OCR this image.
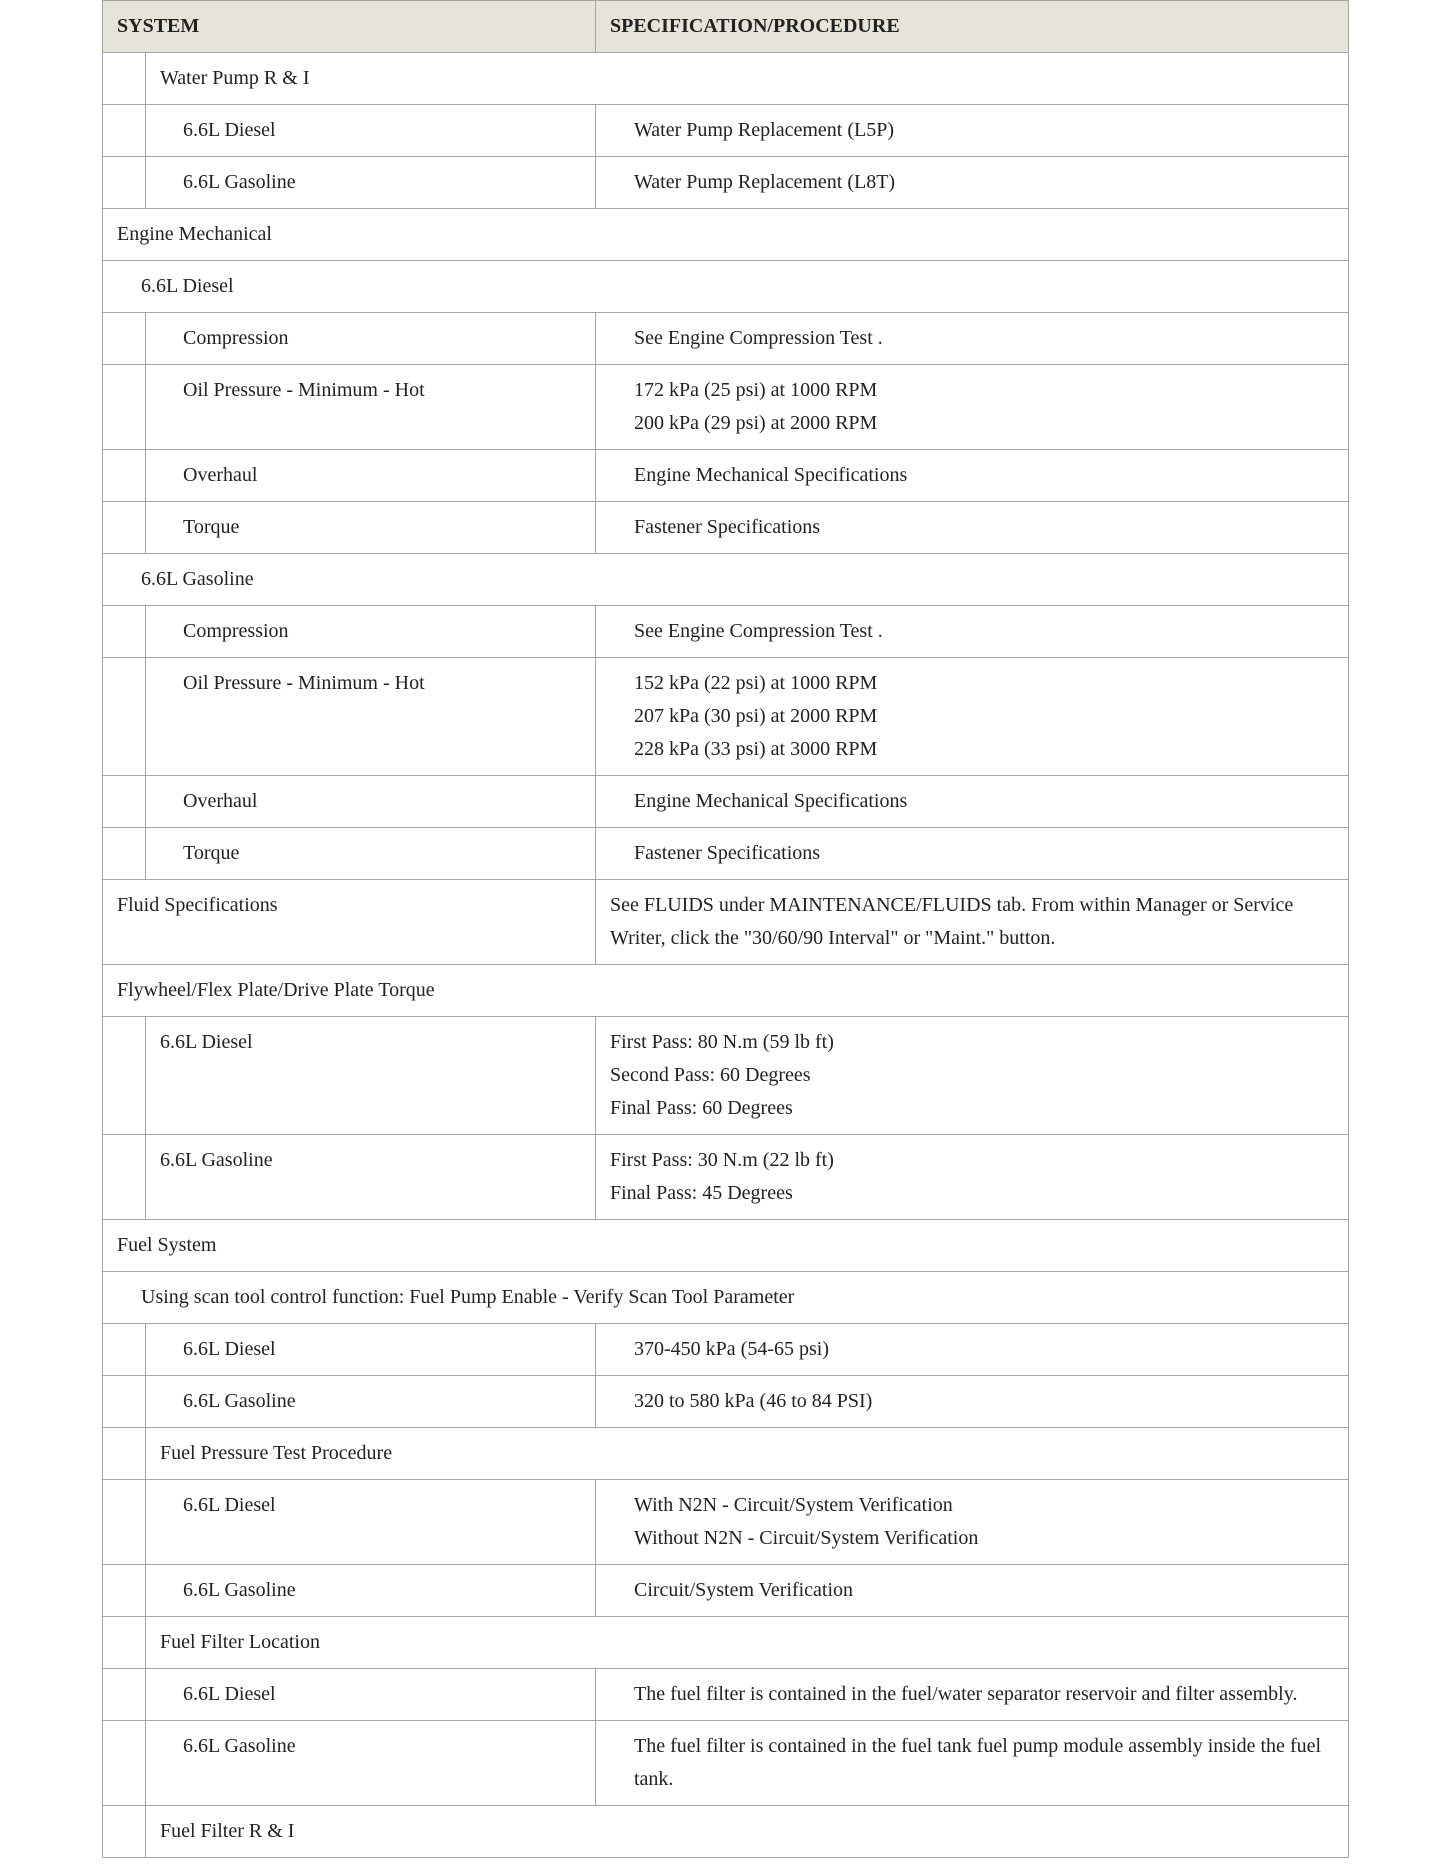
SYSTEM		SPECIFICATION/PROCEDURE
	Water Pump R & I	
	6.6L Diesel	Water Pump Replacement (L5P)
	6.6L Gasoline	Water Pump Replacement (L8T)
Engine Mechanical		
6.6L Diesel		
	Compression	See Engine Compression Test .
	Oil Pressure - Minimum - Hot	172 kPa (25 psi) at 1000 RPM
200 kPa (29 psi) at 2000 RPM

	Overhaul	Engine Mechanical Specifications
	Torque	Fastener Specifications
6.6L Gasoline		
	Compression	See Engine Compression Test .
	Oil Pressure - Minimum - Hot	152 kPa (22 psi) at 1000 RPM
207 kPa (30 psi) at 2000 RPM
228 kPa (33 psi) at 3000 RPM

	Overhaul	Engine Mechanical Specifications
	Torque	Fastener Specifications
Fluid Specifications		See FLUIDS under MAINTENANCE/FLUIDS tab. From within Manager or Service Writer, click the "30/60/90 Interval" or "Maint." button.
Flywheel/Flex Plate/Drive Plate Torque		
	6.6L Diesel	First Pass: 80 N.m (59 lb ft)
Second Pass: 60 Degrees
Final Pass: 60 Degrees

	6.6L Gasoline	First Pass: 30 N.m (22 lb ft)
Final Pass: 45 Degrees

Fuel System		
Using scan tool control function: Fuel Pump Enable - Verify Scan Tool Parameter		
	6.6L Diesel	370-450 kPa (54-65 psi)
	6.6L Gasoline	320 to 580 kPa (46 to 84 PSI)
	Fuel Pressure Test Procedure	
	6.6L Diesel	With N2N - Circuit/System Verification
Without N2N - Circuit/System Verification

	6.6L Gasoline	Circuit/System Verification
	Fuel Filter Location	
	6.6L Diesel	The fuel filter is contained in the fuel/water separator reservoir and filter assembly.
	6.6L Gasoline	The fuel filter is contained in the fuel tank fuel pump module assembly inside the fuel tank.
	Fuel Filter R & I	
